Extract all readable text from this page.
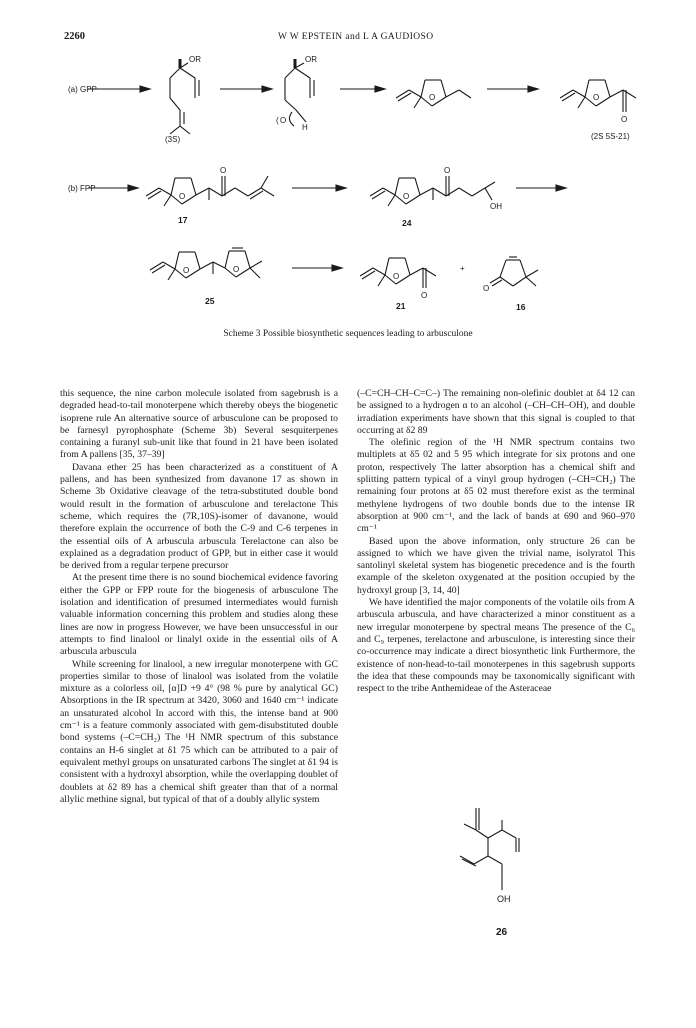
2260	W W EPSTEIN and L A GAUDIOSO
(a) GPP
(b) FPP
OR	OR
H
( O
O	O
O
(3S)	(2S 5S-21)
O
O
O
O
OH
17	24
O	O
O
O
+
O
25	21	16
Scheme 3 Possible biosynthetic sequences leading to arbusculone

this sequence, the nine carbon molecule isolated from sagebrush is a degraded head-to-tail monoterpene which thereby obeys the biogenetic isoprene rule An alternative source of arbusculone can be proposed to be farnesyl pyrophosphate (Scheme 3b) Several sesquiterpenes containing a furanyl sub-unit like that found in 21 have been isolated from A pallens [35, 37–39]

Davana ether 25 has been characterized as a constituent of A pallens, and has been synthesized from davanone 17 as shown in Scheme 3b Oxidative cleavage of the tetra-substituted double bond would result in the formation of arbusculone and terelactone This scheme, which requires the (7R,10S)-isomer of davanone, would therefore explain the occurrence of both the C-9 and C-6 terpenes in the essential oils of A arbuscula arbuscula Terelactone can also be explained as a degradation product of GPP, but in either case it would be derived from a regular terpene precursor

At the present time there is no sound biochemical evidence favoring either the GPP or FPP route for the biogenesis of arbusculone The isolation and identification of presumed intermediates would furnish valuable information concerning this problem and studies along these lines are now in progress However, we have been unsuccessful in our attempts to find linalool or linalyl oxide in the essential oils of A arbuscula arbuscula

While screening for linalool, a new irregular monoterpene with GC properties similar to those of linalool was isolated from the volatile mixture as a colorless oil, [α]D +9 4° (98 % pure by analytical GC) Absorptions in the IR spectrum at 3420, 3060 and 1640 cm⁻¹ indicate an unsaturated alcohol In accord with this, the intense band at 900 cm⁻¹ is a feature commonly associated with gem-disubstituted double bond systems (–C=CH₂) The ¹H NMR spectrum of this substance contains an H-6 singlet at δ1 75 which can be attributed to a pair of equivalent methyl groups on unsaturated carbons The singlet at δ1 94 is consistent with a hydroxyl absorption, while the overlapping doublet of doublets at δ2 89 has a chemical shift greater than that of a normal allylic methine signal, but typical of that of a doubly allylic system

(–C=CH–CH–C=C–) The remaining non-olefinic doublet at δ4 12 can be assigned to a hydrogen α to an alcohol (–CH–CH–OH), and double irradiation experiments have shown that this signal is coupled to that occurring at δ2 89

The olefinic region of the ¹H NMR spectrum contains two multiplets at δ5 02 and 5 95 which integrate for six protons and one proton, respectively The latter absorption has a chemical shift and splitting pattern typical of a vinyl group hydrogen (–CH=CH₂) The remaining four protons at δ5 02 must therefore exist as the terminal methylene hydrogens of two double bonds due to the intense IR absorption at 900 cm⁻¹, and the lack of bands at 690 and 960–970 cm⁻¹

Based upon the above information, only structure 26 can be assigned to which we have given the trivial name, isolyratol This santolinyl skeletal system has biogenetic precedence and is the fourth example of the skeleton oxygenated at the position occupied by the hydroxyl group [3, 14, 40]

We have identified the major components of the volatile oils from A arbuscula arbuscula, and have characterized a minor constituent as a new irregular monoterpene by spectral means The presence of the C₆ and C₉ terpenes, terelactone and arbusculone, is interesting since their co-occurrence may indicate a direct biosynthetic link Furthermore, the existence of non-head-to-tail monoterpenes in this sagebrush supports the idea that these compounds may be taxonomically significant with respect to the tribe Anthemideae of the Asteraceae

OH
26
